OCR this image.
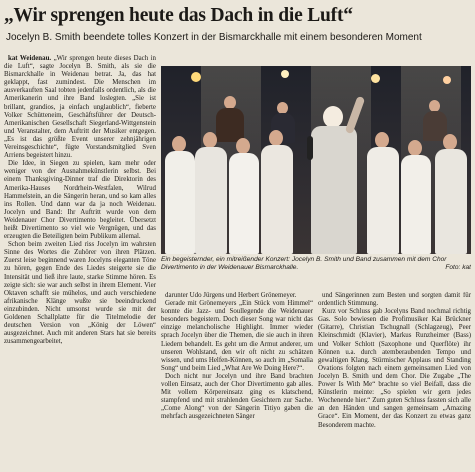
„Wir sprengen heute das Dach in die Luft“
Jocelyn B. Smith beendete tolles Konzert in der Bismarckhalle mit einem besonderen Moment

kat Weidenau. „Wir sprengen heute dieses Dach in die Luft“, sagte Jocelyn B. Smith, als sie die Bismarckhalle in Weidenau betrat. Ja, das hat geklappt, fast zumindest. Die Menschen im ausverkauften Saal tobten jedenfalls ordentlich, als die Amerikanerin und ihre Band loslegten. „Sie ist brillant, grandios, ja einfach unglaublich“, fieberte Volker Schütteneim, Geschäftsführer der Deutsch-Amerikanischen Gesellschaft Siegerland-Wittgenstein und Veranstalter, dem Auftritt der Musiker entgegen. „Es ist das größte Event unserer zehnjährigen Vereinsgeschichte“, fügte Vorstandsmitglied Sven Arriens begeistert hinzu.

Die Idee, in Siegen zu spielen, kam mehr oder weniger von der Ausnahmekünstlerin selbst. Bei einem Thanksgiving-Dinner traf die Direktorin des Amerika-Hauses Nordrhein-Westfalen, Wilrud Hammelstein, an die Sängerin heran, und so kam alles ins Rollen. Und dann war da ja noch Weidenau. Jocelyn und Band: Ihr Auftritt wurde von dem Weidenauer Chor Divertimento begleitet. Übersetzt heißt Divertimento so viel wie Vergnügen, und das erzeugten die Beteiligten beim Publikum allemal.

Schon beim zweiten Lied riss Jocelyn im wahrsten Sinne des Wortes die Zuhörer von ihren Plätzen. Zuerst leise beginnend waren Jocelyns eleganten Töne zu hören, gegen Ende des Liedes steigerte sie die Intensität und ließ ihre laute, starke Stimme hören. Es zeigte sich: sie war auch selbst in ihrem Element. Vier Oktaven schafft sie mühelos, und auch verschiedene afrikanische Klänge wußte sie beeindruckend einzubinden. Nicht umsonst wurde sie mit der Goldenen Schallplatte für die Titelmelodie der deutschen Version von „König der Löwen“ ausgezeichnet. Auch mit anderen Stars hat sie bereits zusammengearbeitet,

Ein begeisternder, ein mitreißender Konzert: Jocelyn B. Smith und Band zusammen mit dem Chor Divertimento in der Weidenauer Bismarckhalle.	Foto: kat

darunter Udo Jürgens und Herbert Grönemeyer.

Gerade mit Grönemeyers „Ein Stück vom Himmel“ konnte die Jazz- und Soullegende die Weidenauer besonders begeistern. Doch dieser Song war nicht das einzige melancholische Highlight. Immer wieder sprach Jocelyn über die Themen, die sie auch in ihren Liedern behandelt. Es geht um die Armut anderer, um unseren Wohlstand, den wir oft nicht zu schätzen wissen, und ums Helfen-Können, so auch im „Somalia Song“ und beim Lied „What Are We Doing Here?“.

Doch nicht nur Jocelyn und ihre Band brachten vollen Einsatz, auch der Chor Divertimento gab alles. Mit vollem Körpereinsatz ging es klatschend, stampfend und mit strahlenden Gesichtern zur Sache. „Come Along“ von der Sängerin Titiyo gaben die mehrfach ausgezeichneten Sänger

und Sängerinnen zum Besten und sorgten damit für ordentlich Stimmung.

Kurz vor Schluss gab Jocelyns Band nochmal richtig Gas. Solo bewiesen die Profimusiker Kai Brückner (Gitarre), Christian Tschugnall (Schlagzeug), Peer Kleinschmidt (Klavier), Markus Runzheimer (Bass) und Volker Schlott (Saxophone und Querflöte) ihr Können u.a. durch atemberaubenden Tempo und gewaltigen Klang. Stürmischer Applaus und Standing Ovations folgten nach einem gemeinsamen Lied von Jocelyn B. Smith und dem Chor. Die Zugabe „The Power Is With Me“ brachte so viel Beifall, dass die Künstlerin meinte: „So spielen wir gern jedes Wochenende hier.“ Zum guten Schluss fassten sich alle an den Händen und sangen gemeinsam „Amazing Grace“. Ein Moment, der das Konzert zu etwas ganz Besonderem machte.
